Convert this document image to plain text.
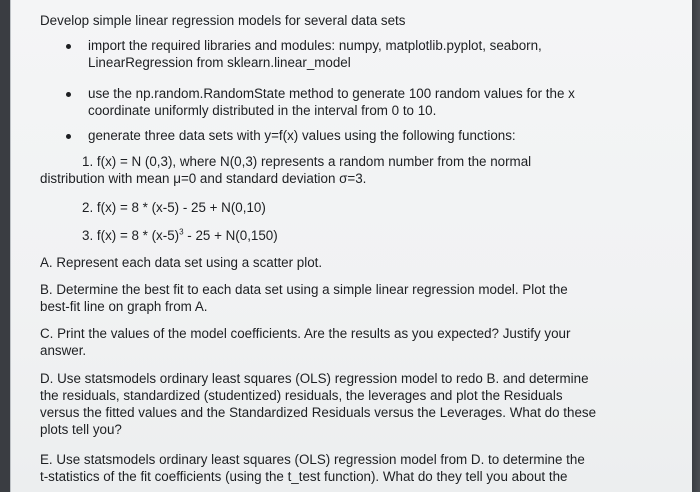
Develop simple linear regression models for several data sets
import the required libraries and modules: numpy, matplotlib.pyplot, seaborn,
LinearRegression from sklearn.linear_model
use the np.random.RandomState method to generate 100 random values for the x
coordinate uniformly distributed in the interval from 0 to 10.
generate three data sets with y=f(x) values using the following functions:
1. f(x) = N (0,3), where N(0,3) represents a random number from the normal
distribution with mean μ=0 and standard deviation σ=3.
2. f(x) = 8 * (x-5) - 25 + N(0,10)
3. $f(x) = 8 * (x-5)^3 - 25 + N(0,150)$
A. Represent each data set using a scatter plot.
B. Determine the best fit to each data set using a simple linear regression model. Plot the
best-fit line on graph from A.
C. Print the values of the model coefficients. Are the results as you expected? Justify your
answer.
D. Use statsmodels ordinary least squares (OLS) regression model to redo B. and determine
the residuals, standardized (studentized) residuals, the leverages and plot the Residuals
versus the fitted values and the Standardized Residuals versus the Leverages. What do these
plots tell you?
E. Use statsmodels ordinary least squares (OLS) regression model from D. to determine the
t-statistics of the fit coefficients (using the t_test function). What do they tell you about the
